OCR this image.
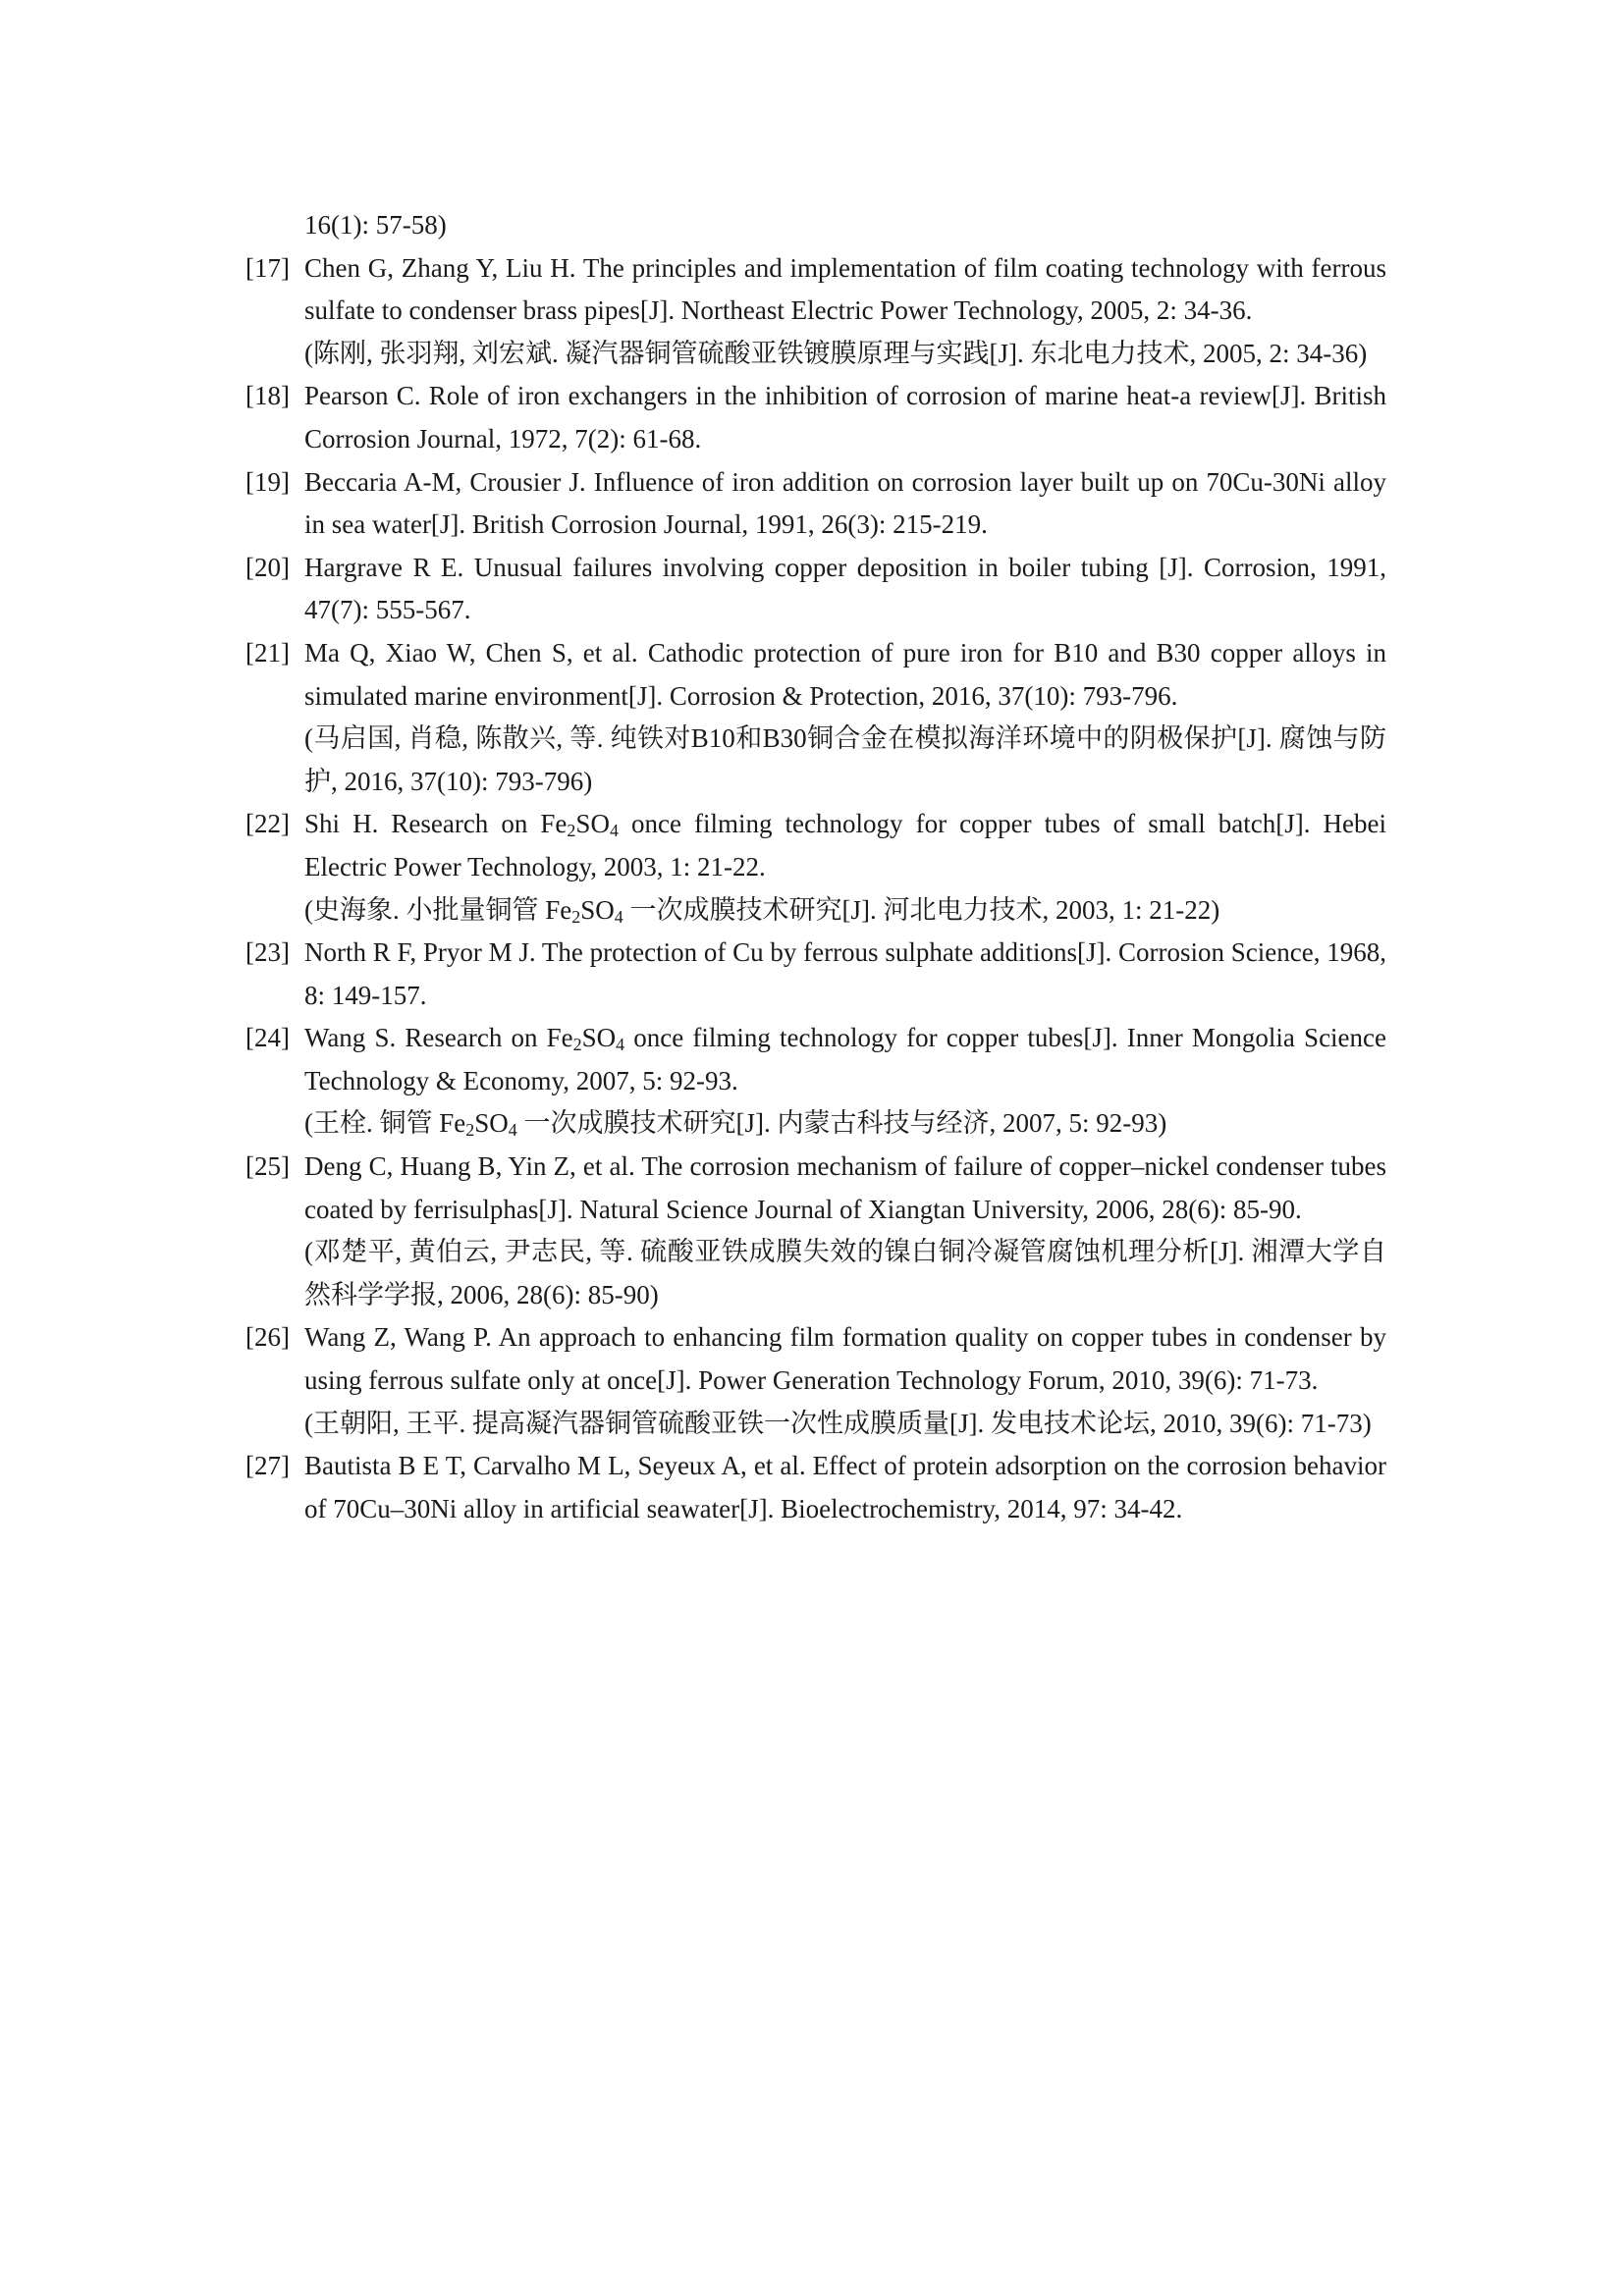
16(1): 57-58)
[17] Chen G, Zhang Y, Liu H. The principles and implementation of film coating technology with ferrous sulfate to condenser brass pipes[J]. Northeast Electric Power Technology, 2005, 2: 34-36.
(陈刚, 张羽翔, 刘宏斌. 凝汽器铜管硫酸亚铁镀膜原理与实践[J]. 东北电力技术, 2005, 2: 34-36)
[18] Pearson C. Role of iron exchangers in the inhibition of corrosion of marine heat-a review[J]. British Corrosion Journal, 1972, 7(2): 61-68.
[19] Beccaria A-M, Crousier J. Influence of iron addition on corrosion layer built up on 70Cu-30Ni alloy in sea water[J]. British Corrosion Journal, 1991, 26(3): 215-219.
[20] Hargrave R E. Unusual failures involving copper deposition in boiler tubing [J]. Corrosion, 1991, 47(7): 555-567.
[21] Ma Q, Xiao W, Chen S, et al. Cathodic protection of pure iron for B10 and B30 copper alloys in simulated marine environment[J]. Corrosion & Protection, 2016, 37(10): 793-796.
(马启国, 肖稳, 陈散兴, 等. 纯铁对B10和B30铜合金在模拟海洋环境中的阴极保护[J]. 腐蚀与防护, 2016, 37(10): 793-796)
[22] Shi H. Research on $Fe_2SO_4$ once filming technology for copper tubes of small batch[J]. Hebei Electric Power Technology, 2003, 1: 21-22.
(史海象. 小批量铜管 $Fe_2SO_4$ 一次成膜技术研究[J]. 河北电力技术, 2003, 1: 21-22)
[23] North R F, Pryor M J. The protection of Cu by ferrous sulphate additions[J]. Corrosion Science, 1968, 8: 149-157.
[24] Wang S. Research on $Fe_2SO_4$ once filming technology for copper tubes[J]. Inner Mongolia Science Technology & Economy, 2007, 5: 92-93.
(王栓. 铜管 $Fe_2SO_4$ 一次成膜技术研究[J]. 内蒙古科技与经济, 2007, 5: 92-93)
[25] Deng C, Huang B, Yin Z, et al. The corrosion mechanism of failure of copper–nickel condenser tubes coated by ferrisulphas[J]. Natural Science Journal of Xiangtan University, 2006, 28(6): 85-90.
(邓楚平, 黄伯云, 尹志民, 等. 硫酸亚铁成膜失效的镍白铜冷凝管腐蚀机理分析[J]. 湘潭大学自然科学学报, 2006, 28(6): 85-90)
[26] Wang Z, Wang P. An approach to enhancing film formation quality on copper tubes in condenser by using ferrous sulfate only at once[J]. Power Generation Technology Forum, 2010, 39(6): 71-73.
(王朝阳, 王平. 提高凝汽器铜管硫酸亚铁一次性成膜质量[J]. 发电技术论坛, 2010, 39(6): 71-73)
[27] Bautista B E T, Carvalho M L, Seyeux A, et al. Effect of protein adsorption on the corrosion behavior of 70Cu–30Ni alloy in artificial seawater[J]. Bioelectrochemistry, 2014, 97: 34-42.
